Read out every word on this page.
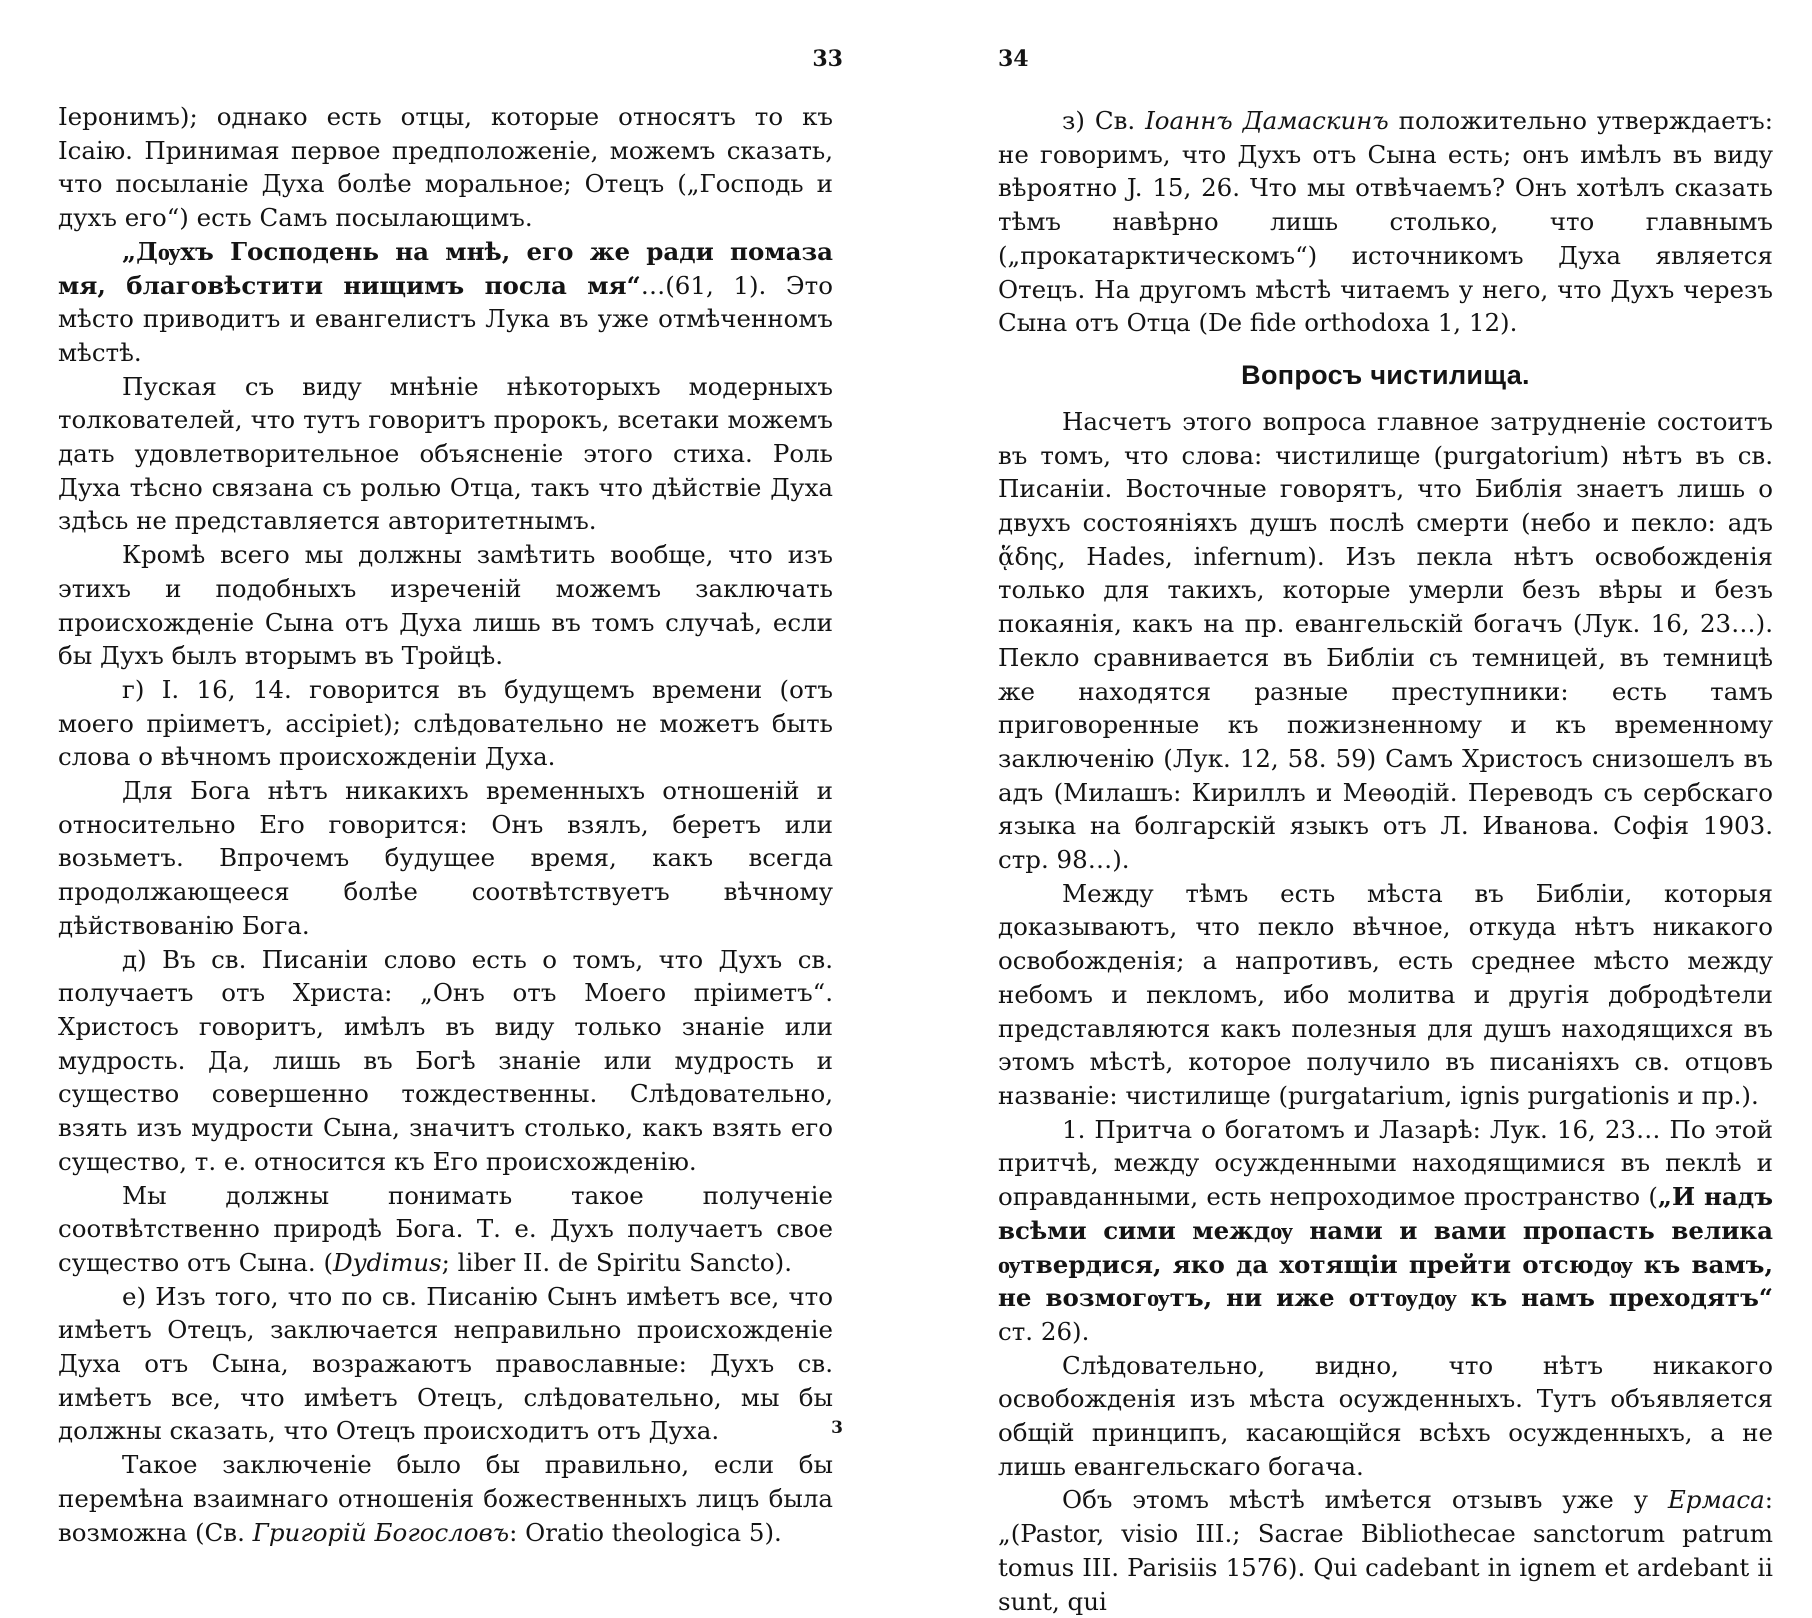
33

Іеронимъ); однако есть отцы, которые относятъ то къ Ісаію. Принимая первое предположеніе, можемъ сказать, что посыланіе Духа болѣе моральное; Отецъ („Господь и духъ его“) есть Самъ посылающимъ.

„Дѹхъ Господень на мнѣ, его же ради помаза мя, благовѣстити нищимъ посла мя“…(61, 1). Это мѣсто приводитъ и евангелистъ Лука въ уже отмѣченномъ мѣстѣ.

Пуская съ виду мнѣніе нѣкоторыхъ модерныхъ толкователей, что тутъ говоритъ пророкъ, всетаки можемъ дать удовлетворительное объясненіе этого стиха. Роль Духа тѣсно связана съ ролью Отца, такъ что дѣйствіе Духа здѣсь не представляется авторитетнымъ.

Кромѣ всего мы должны замѣтить вообще, что изъ этихъ и подобныхъ изреченій можемъ заключать происхожденіе Сына отъ Духа лишь въ томъ случаѣ, если бы Духъ былъ вторымъ въ Тройцѣ.

г) І. 16, 14. говорится въ будущемъ времени (отъ моего пріиметъ, accipiet); слѣдовательно не можетъ быть слова о вѣчномъ происхожденіи Духа.

Для Бога нѣтъ никакихъ временныхъ отношеній и относительно Его говорится: Онъ взялъ, беретъ или возьметъ. Впрочемъ будущее время, какъ всегда продолжающееся болѣе соотвѣтствуетъ вѣчному дѣйствованію Бога.

д) Въ св. Писаніи слово есть о томъ, что Духъ св. получаетъ отъ Христа: „Онъ отъ Моего пріиметъ“. Христосъ говоритъ, имѣлъ въ виду только знаніе или мудрость. Да, лишь въ Богѣ знаніе или мудрость и существо совершенно тождественны. Слѣдовательно, взять изъ мудрости Сына, значитъ столько, какъ взять его существо, т. е. относится къ Его происхожденію.

Мы должны понимать такое полученіе соотвѣтственно природѣ Бога. Т. е. Духъ получаетъ свое существо отъ Сына. (Dydimus; liber II. de Spiritu Sancto).

е) Изъ того, что по св. Писанію Сынъ имѣетъ все, что имѣетъ Отецъ, заключается неправильно происхожденіе Духа отъ Сына, возражаютъ православные: Духъ св. имѣетъ все, что имѣетъ Отецъ, слѣдовательно, мы бы должны сказать, что Отецъ происходитъ отъ Духа.

Такое заключеніе было бы правильно, если бы перемѣна взаимнаго отношенія божественныхъ лицъ была возможна (Св. Григорій Богословъ: Oratio theologica 5).

3
34

з) Св. Іоаннъ Дамаскинъ положительно утверждаетъ: не говоримъ, что Духъ отъ Сына есть; онъ имѣлъ въ виду вѣроятно J. 15, 26. Что мы отвѣчаемъ? Онъ хотѣлъ сказать тѣмъ навѣрно лишь столько, что главнымъ („прокатарктическомъ“) источникомъ Духа является Отецъ. На другомъ мѣстѣ читаемъ у него, что Духъ черезъ Сына отъ Отца (De fide orthodoxa 1, 12).

Вопросъ чистилища.

Насчетъ этого вопроса главное затрудненіе состоитъ въ томъ, что слова: чистилище (purgatorium) нѣтъ въ св. Писаніи. Восточные говорятъ, что Библія знаетъ лишь о двухъ состояніяхъ душъ послѣ смерти (небо и пекло: адъ ᾅδης, Hades, infernum). Изъ пекла нѣтъ освобожденія только для такихъ, которые умерли безъ вѣры и безъ покаянія, какъ на пр. евангельскій богачъ (Лук. 16, 23…). Пекло сравнивается въ Библіи съ темницей, въ темницѣ же находятся разные преступники: есть тамъ приговоренные къ пожизненному и къ временному заключенію (Лук. 12, 58. 59) Самъ Христосъ снизошелъ въ адъ (Милашъ: Кириллъ и Меѳодій. Переводъ съ сербскаго языка на болгарскій языкъ отъ Л. Иванова. Софія 1903. стр. 98…).

Между тѣмъ есть мѣста въ Библіи, которыя доказываютъ, что пекло вѣчное, откуда нѣтъ никакого освобожденія; а напротивъ, есть среднее мѣсто между небомъ и пекломъ, ибо молитва и другія добродѣтели представляются какъ полезныя для душъ находящихся въ этомъ мѣстѣ, которое получило въ писаніяхъ св. отцовъ названіе: чистилище (purgatarium, ignis purgationis и пр.).

1. Притча о богатомъ и Лазарѣ: Лук. 16, 23… По этой притчѣ, между осужденными находящимися въ пеклѣ и оправданными, есть непроходимое пространство („И надъ всѣми сими междѹ нами и вами пропасть велика ѹтвердися, яко да хотящіи прейти отсюдѹ къ вамъ, не возмогѹтъ, ни иже оттѹдѹ къ намъ преходятъ“ ст. 26).

Слѣдовательно, видно, что нѣтъ никакого освобожденія изъ мѣста осужденныхъ. Тутъ объявляется общій принципъ, касающійся всѣхъ осужденныхъ, а не лишь евангельскаго богача.

Объ этомъ мѣстѣ имѣется отзывъ уже у Ермаса: „(Pastor, visio III.; Sacrae Bibliothecae sanctorum patrum tomus III. Parisiis 1576). Qui cadebant in ignem et ardebant ii sunt, qui
